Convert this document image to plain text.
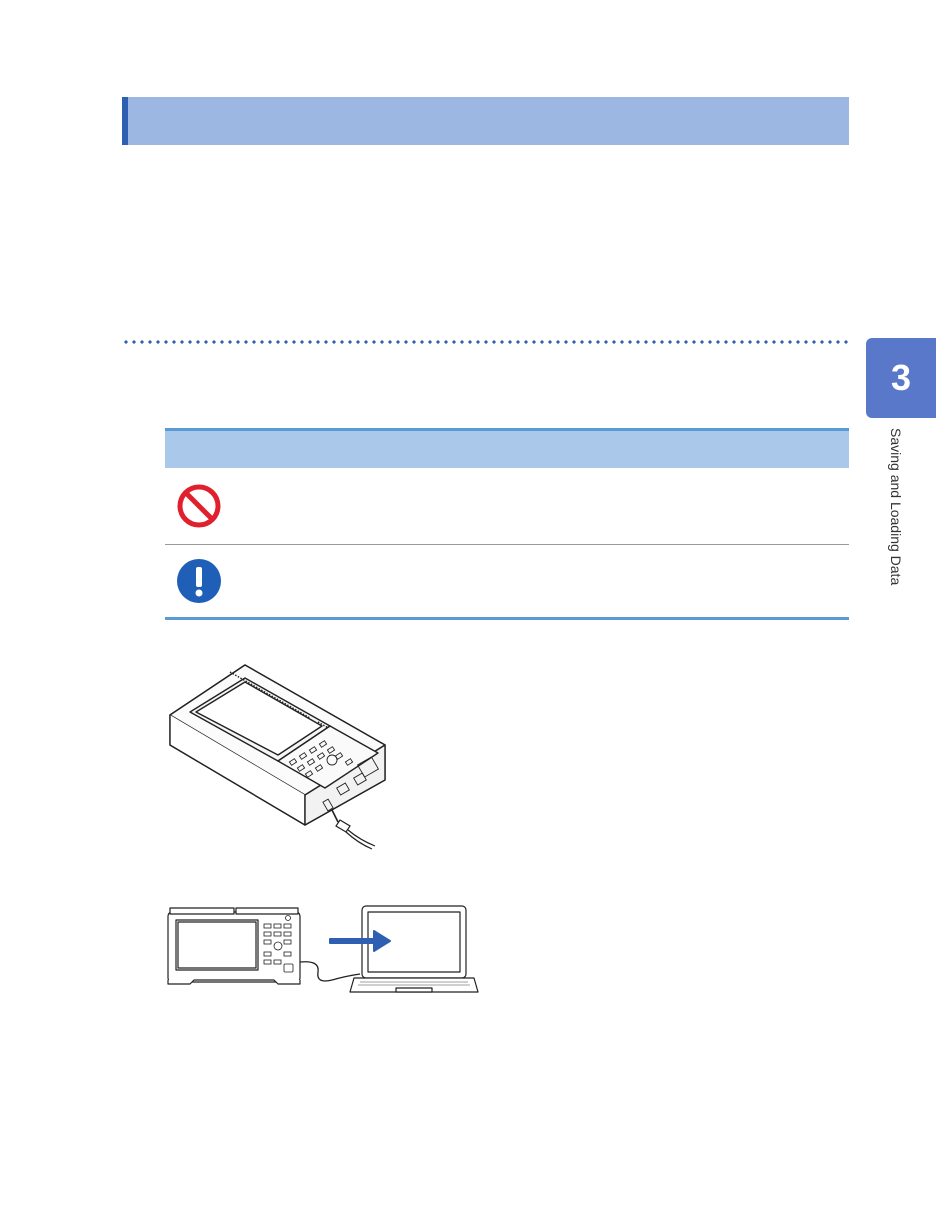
3
Saving and Loading Data
